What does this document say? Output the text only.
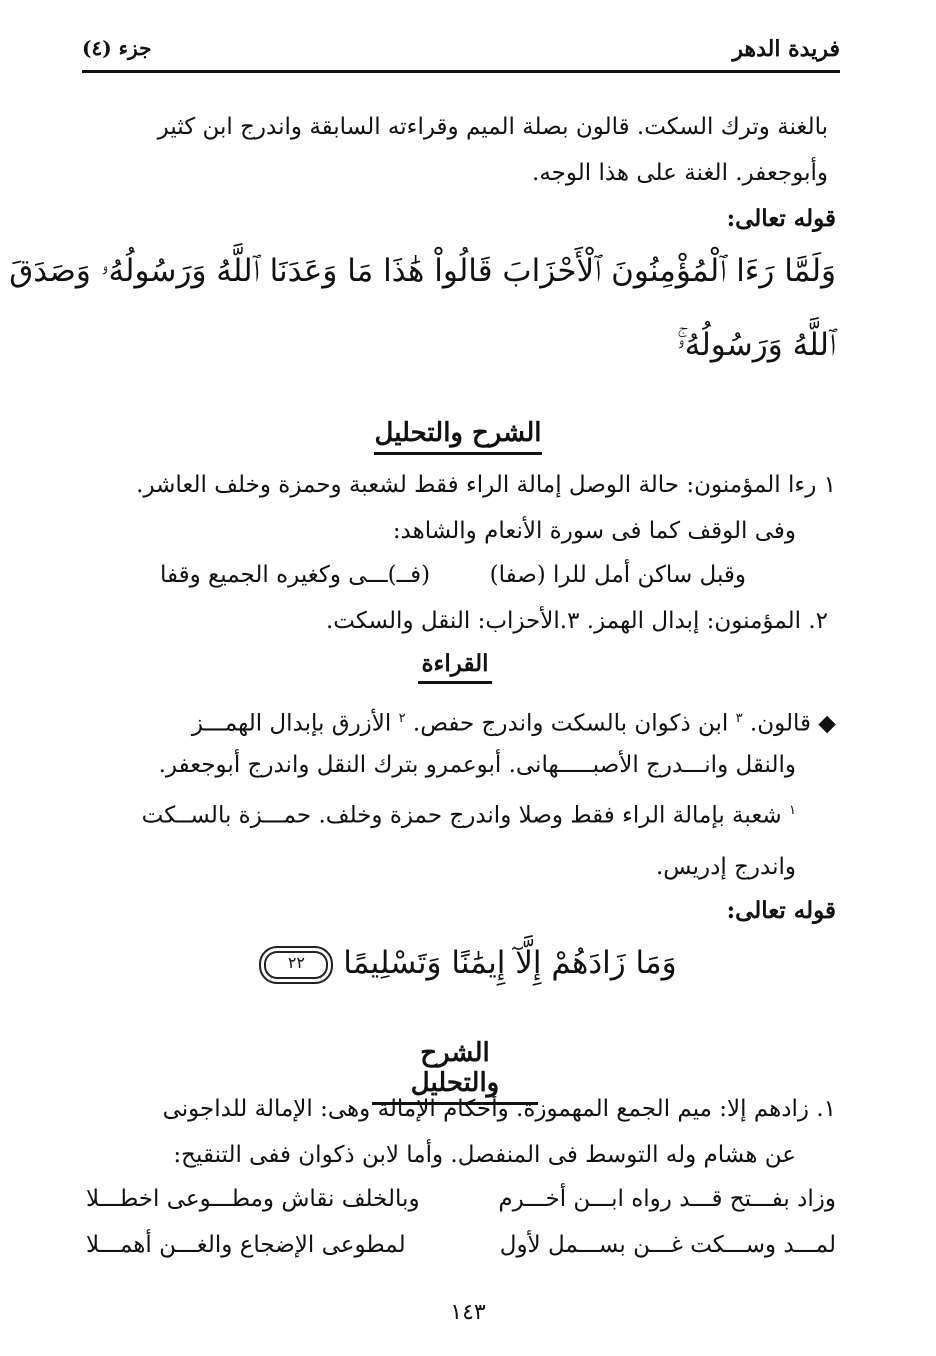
فريدة الدهر
جزء (٤)
بالغنة وترك السكت. قالون بصلة الميم وقراءته السابقة واندرج ابن كثير
وأبوجعفر. الغنة على هذا الوجه.
قوله تعالى:
وَلَمَّا رَءَا ٱلْمُؤْمِنُونَ ٱلْأَحْزَابَ قَالُواْ هَٰذَا مَا وَعَدَنَا ٱللَّهُ وَرَسُولُهُۥ وَصَدَقَ
ٱللَّهُ وَرَسُولُهُۥۚ
الشرح والتحليل
١ رءا المؤمنون: حالة الوصل إمالة الراء فقط لشعبة وحمزة وخلف العاشر.
وفى الوقف كما فى سورة الأنعام والشاهد:
وقبل ساكن أمل للرا (صفا)
(فــ)ـــى وكغيره الجميع وقفا
٢. المؤمنون: إبدال الهمز. ٣.الأحزاب: النقل والسكت.
القراءة
◆ قالون. $^٣$ ابن ذكوان بالسكت واندرج حفص. $^٢$ الأزرق بإبدال الهمـــز
والنقل وانـــدرج الأصبـــــهانى. أبوعمرو بترك النقل واندرج أبوجعفر.
$^١$ شعبة بإمالة الراء فقط وصلا واندرج حمزة وخلف. حمـــزة بالســكت
واندرج إدريس.
قوله تعالى:
وَمَا زَادَهُمْ إِلَّآ إِيمَٰنًا وَتَسْلِيمًا ٢٢
الشرح والتحليل
١. زادهم إلا: ميم الجمع المهموزة. وأحكام الإمالة وهى: الإمالة للداجونى
عن هشام وله التوسط فى المنفصل. وأما لابن ذكوان ففى التنقيح:
وزاد بفـــتح قـــد رواه ابـــن أخـــرم
وبالخلف نقاش ومطـــوعى اخطـــلا
لمـــد وســـكت غـــن بســـمل لأول
لمطوعى الإضجاع والغـــن أهمـــلا
١٤٣
